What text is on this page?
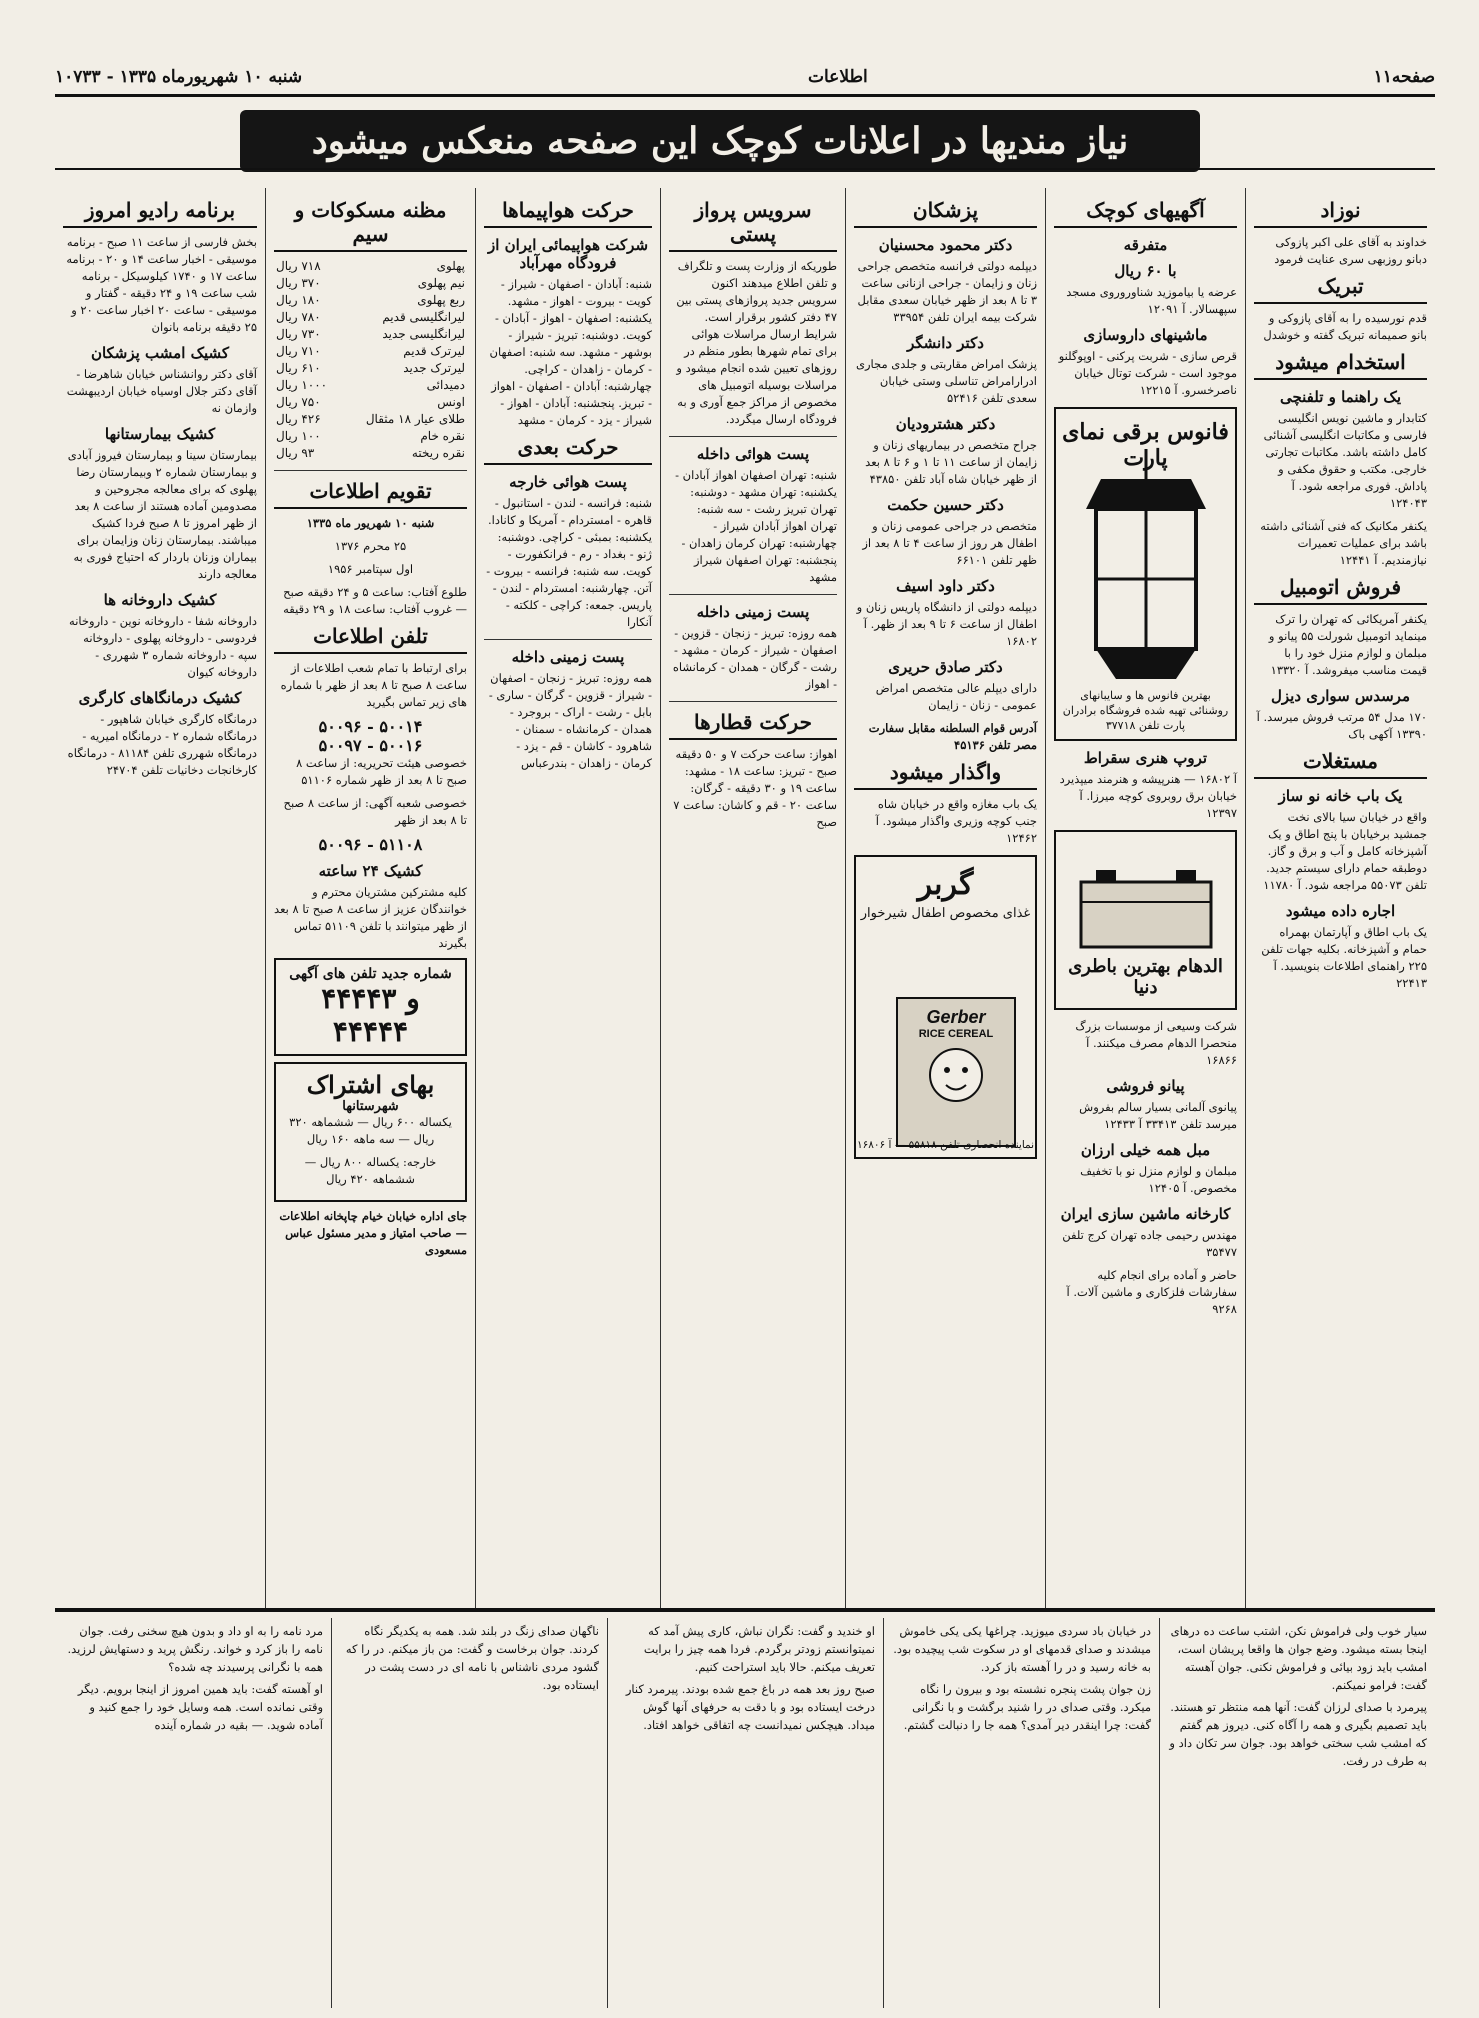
صفحه۱۱
اطلاعات
شنبه ۱۰ شهریورماه ۱۳۳۵ - ۱۰۷۳۳
نیاز مندیها در اعلانات کوچک این صفحه منعکس میشود
نوزاد

خداوند به آقای علی اکبر پازوکی دبانو روزبهی سری عنایت فرمود

تبریک

قدم نورسیده را به آقای پازوکی و بانو صمیمانه تبریک گفته و خوشدل

استخدام میشود
یک راهنما و تلفنچی

کتابدار و ماشین نویس انگلیسی فارسی و مکاتبات انگلیسی آشنائی کامل داشته باشد. مکاتبات تجارتی خارجی. مکتب و حقوق مکفی و پاداش. فوری مراجعه شود. آ ۱۲۴۰۴۳

یکنفر مکانیک که فنی آشنائی داشته باشد برای عملیات تعمیرات نیازمندیم. آ ۱۲۴۴۱

فروش اتومبیل

یکنفر آمریکائی که تهران را ترک مینماید اتومبیل شورلت ۵۵ پیانو و مبلمان و لوازم منزل خود را با قیمت مناسب میفروشد. آ ۱۳۳۲۰

مرسدس سواری دیزل

۱۷۰ مدل ۵۴ مرتب فروش میرسد. آ ۱۳۳۹۰ آکهی باک

مستغلات
یک باب خانه نو ساز

واقع در خیابان سیا بالای نخت جمشید برخیابان با پنج اطاق و یک آشپزخانه کامل و آب و برق و گاز. دوطبقه حمام دارای سیستم جدید. تلفن ۵۵۰۷۳ مراجعه شود. آ ۱۱۷۸۰

اجاره داده میشود

یک باب اطاق و آپارتمان بهمراه حمام و آشپزخانه. بکلیه جهات تلفن ۲۲۵ راهنمای اطلاعات بنویسید. آ ۲۲۴۱۳

آگهیهای کوچک
متفرقه
با ۶۰ ریال

عرضه یا بیاموزید شناوروروی مسجد سپهسالار. آ ۱۲۰۹۱

ماشینهای داروسازی

قرص سازی - شربت پرکنی - اوپوگلنو موجود است - شرکت توتال خیابان ناصرخسرو. آ ۱۲۲۱۵

فانوس برقی نمای پارت
بهترین فانوس ها و سایبانهای روشنائی تهیه شده فروشگاه برادران پارت تلفن ۳۷۷۱۸
تروپ هنری سقراط

آ ۱۶۸۰۲ — هنرپیشه و هنرمند میپذیرد خیابان برق روبروی کوچه میرزا. آ ۱۲۳۹۷

الدهام بهترین باطری دنیا

شرکت وسیعی از موسسات بزرگ منحصرا الدهام مصرف میکنند. آ ۱۶۸۶۶

پیانو فروشی

پیانوی آلمانی بسیار سالم بفروش میرسد تلفن ۳۳۴۱۳ آ ۱۲۴۳۳

مبل همه خیلی ارزان

مبلمان و لوازم منزل نو با تخفیف مخصوص. آ ۱۲۴۰۵

کارخانه ماشین سازی ایران

مهندس رحیمی جاده تهران کرج تلفن ۳۵۴۷۷

حاضر و آماده برای انجام کلیه سفارشات فلزکاری و ماشین آلات. آ ۹۲۶۸

پزشکان
دکتر محمود محسنیان

دیپلمه دولتی فرانسه متخصص جراحی زنان و زایمان - جراحی ازنانی ساعت ۳ تا ۸ بعد از ظهر خیابان سعدی مقابل شرکت بیمه ایران تلفن ۳۳۹۵۴

دکتر دانشگر

پزشک امراض مقاربتی و جلدی مجارى ادرارامراض تناسلى وستى خیابان سعدى تلفن ۵۲۴۱۶

دکتر هشترودیان

جراح متخصص در بیماریهای زنان و زایمان از ساعت ۱۱ تا ۱ و ۶ تا ۸ بعد از ظهر خیابان شاه آباد تلفن ۴۳۸۵۰

دکتر حسین حکمت

متخصص در جراحی عمومی زنان و اطفال هر روز از ساعت ۴ تا ۸ بعد از ظهر تلفن ۶۶۱۰۱

دکتر داود اسیف

دیپلمه دولتی از دانشگاه پاریس زنان و اطفال از ساعت ۶ تا ۹ بعد از ظهر. آ ۱۶۸۰۲

دکتر صادق حریری

دارای دیپلم عالی متخصص امراض عمومی - زنان - زایمان

آدرس قوام السلطنه مقابل سفارت مصر تلفن ۴۵۱۳۶

واگذار میشود

یک باب مغازه واقع در خیابان شاه جنب کوچه وزیری واگذار میشود. آ ۱۲۴۶۲

گربر
غذای مخصوص اطفال شیرخوار
Gerber
RICE CEREAL
نماینده انحصاری تلفن ۵۵۸۱۸ — آ ۱۶۸۰۶
سرویس پرواز پستی

طوریکه از وزارت پست و تلگراف و تلفن اطلاع میدهند اکنون سرویس جدید پروازهای پستی بین ۴۷ دفتر کشور برقرار است. شرایط ارسال مراسلات هوائی برای تمام شهرها بطور منظم در روزهای تعیین شده انجام میشود و مراسلات بوسیله اتومبیل های مخصوص از مراکز جمع آوری و به فرودگاه ارسال میگردد.

پست هوائی داخله

شنبه: تهران اصفهان اهواز آبادان - یکشنبه: تهران مشهد - دوشنبه: تهران تبریز رشت - سه شنبه: تهران اهواز آبادان شیراز - چهارشنبه: تهران کرمان زاهدان - پنجشنبه: تهران اصفهان شیراز مشهد

پست زمینی داخله

همه روزه: تبریز - زنجان - قزوین - اصفهان - شیراز - کرمان - مشهد - رشت - گرگان - همدان - کرمانشاه - اهواز

حرکت قطارها

اهواز: ساعت حرکت ۷ و ۵۰ دقیقه صبح - تبریز: ساعت ۱۸ - مشهد: ساعت ۱۹ و ۳۰ دقیقه - گرگان: ساعت ۲۰ - قم و کاشان: ساعت ۷ صبح

حرکت هواپیماها
شرکت هواپیمائی ایران از فرودگاه مهرآباد

شنبه: آبادان - اصفهان - شیراز - کویت - بیروت - اهواز - مشهد. یکشنبه: اصفهان - اهواز - آبادان - کویت. دوشنبه: تبریز - شیراز - بوشهر - مشهد. سه شنبه: اصفهان - کرمان - زاهدان - کراچی. چهارشنبه: آبادان - اصفهان - اهواز - تبریز. پنجشنبه: آبادان - اهواز - شیراز - یزد - کرمان - مشهد

حرکت بعدی
پست هوائی خارجه

شنبه: فرانسه - لندن - استانبول - قاهره - امستردام - آمریکا و کانادا. یکشنبه: بمبئی - کراچی. دوشنبه: ژنو - بغداد - رم - فرانکفورت - کویت. سه شنبه: فرانسه - بیروت - آتن. چهارشنبه: امستردام - لندن - پاریس. جمعه: کراچی - کلکته - آنکارا

پست زمینی داخله

همه روزه: تبریز - زنجان - اصفهان - شیراز - قزوین - گرگان - ساری - بابل - رشت - اراک - بروجرد - همدان - کرمانشاه - سمنان - شاهرود - کاشان - قم - یزد - کرمان - زاهدان - بندرعباس

مظنه مسکوکات و سیم
پهلوی	۷۱۸ ریال
نیم پهلوی	۳۷۰ ریال
ربع پهلوی	۱۸۰ ریال
لیرانگلیسی قدیم	۷۸۰ ریال
لیرانگلیسی جدید	۷۳۰ ریال
لیرترک قدیم	۷۱۰ ریال
لیرترک جدید	۶۱۰ ریال
دمیدائی	۱۰۰۰ ریال
اونس	۷۵۰ ریال
طلای عیار ۱۸ مثقال	۴۲۶ ریال
نقره خام	۱۰۰ ریال
نقره ریخته	۹۳ ریال
تقویم اطلاعات

شنبه ۱۰ شهریور ماه ۱۳۳۵

۲۵ محرم ۱۳۷۶

اول سپتامبر ۱۹۵۶

طلوع آفتاب: ساعت ۵ و ۲۴ دقیقه صبح — غروب آفتاب: ساعت ۱۸ و ۲۹ دقیقه

تلفن اطلاعات

برای ارتباط با تمام شعب اطلاعات از ساعت ۸ صبح تا ۸ بعد از ظهر با شماره های زیر تماس بگیرید

۵۰۰۹۶ - ۵۰۰۱۴
۵۰۰۹۷ - ۵۰۰۱۶

خصوصی هیئت تحریریه: از ساعت ۸ صبح تا ۸ بعد از ظهر شماره ۵۱۱۰۶

خصوصی شعبه آگهی: از ساعت ۸ صبح تا ۸ بعد از ظهر

۵۰۰۹۶ - ۵۱۱۰۸
کشیک ۲۴ ساعته

کلیه مشترکین مشتریان محترم و خوانندگان عزیز از ساعت ۸ صبح تا ۸ بعد از ظهر میتوانند با تلفن ۵۱۱۰۹ تماس بگیرند

شماره جدید تلفن های آگهی
۴۴۴۴۳ و ۴۴۴۴۴
بهای اشتراک
شهرستانها

یکساله ۶۰۰ ریال — ششماهه ۳۲۰ ریال — سه ماهه ۱۶۰ ریال

خارجه: یکساله ۸۰۰ ریال — ششماهه ۴۲۰ ریال

جای اداره خیابان خیام چاپخانه اطلاعات — صاحب امتیاز و مدیر مسئول عباس مسعودی

برنامه رادیو امروز

بخش فارسی از ساعت ۱۱ صبح - برنامه موسیقی - اخبار ساعت ۱۴ و ۲۰ - برنامه ساعت ۱۷ و ۱۷۴۰ کیلوسیکل - برنامه شب ساعت ۱۹ و ۲۴ دقیقه - گفتار و موسیقی - ساعت ۲۰ اخبار ساعت ۲۰ و ۲۵ دقیقه برنامه بانوان

کشیک امشب پزشکان

آقای دکتر روانشناس خیابان شاهرضا - آقای دکتر جلال اوسیاه خیابان اردیبهشت وازمان نه

کشیک بیمارستانها

بیمارستان سینا و بیمارستان فیروز آبادی و بیمارستان شماره ۲ وبیمارستان رضا پهلوی که برای معالجه مجروحین و مصدومین آماده هستند از ساعت ۸ بعد از ظهر امروز تا ۸ صبح فردا کشیک میباشند. بیمارستان زنان وزایمان برای بیماران وزنان باردار که احتیاج فوری به معالجه دارند

کشیک داروخانه ها

داروخانه شفا - داروخانه نوین - داروخانه فردوسی - داروخانه پهلوی - داروخانه سپه - داروخانه شماره ۳ شهرری - داروخانه کیوان

کشیک درمانگاهای کارگری

درمانگاه کارگری خیابان شاهپور - درمانگاه شماره ۲ - درمانگاه امیریه - درمانگاه شهرری تلفن ۸۱۱۸۴ - درمانگاه کارخانجات دخانیات تلفن ۲۴۷۰۴

سیار خوب ولی فراموش نکن، اشتب ساعت ده درهای اینجا بسته میشود. وضع جوان ها واقعا پریشان است، امشب باید زود بیائی و فراموش نکنی. جوان آهسته گفت: فرامو نمیکنم.

پیرمرد با صدای لرزان گفت: آنها همه منتظر تو هستند. باید تصمیم بگیری و همه را آگاه کنی. دیروز هم گفتم که امشب شب سختی خواهد بود. جوان سر تکان داد و به طرف در رفت.

در خیابان باد سردی میوزید. چراغها یکی یکی خاموش میشدند و صدای قدمهای او در سکوت شب پیچیده بود. به خانه رسید و در را آهسته باز کرد.

زن جوان پشت پنجره نشسته بود و بیرون را نگاه میکرد. وقتی صدای در را شنید برگشت و با نگرانی گفت: چرا اینقدر دیر آمدی؟ همه جا را دنبالت گشتم.

او خندید و گفت: نگران نباش، کاری پیش آمد که نمیتوانستم زودتر برگردم. فردا همه چیز را برایت تعریف میکنم. حالا باید استراحت کنیم.

صبح روز بعد همه در باغ جمع شده بودند. پیرمرد کنار درخت ایستاده بود و با دقت به حرفهای آنها گوش میداد. هیچکس نمیدانست چه اتفاقی خواهد افتاد.

ناگهان صدای زنگ در بلند شد. همه به یکدیگر نگاه کردند. جوان برخاست و گفت: من باز میکنم. در را که گشود مردی ناشناس با نامه ای در دست پشت در ایستاده بود.

مرد نامه را به او داد و بدون هیچ سخنی رفت. جوان نامه را باز کرد و خواند. رنگش پرید و دستهایش لرزید. همه با نگرانی پرسیدند چه شده؟

او آهسته گفت: باید همین امروز از اینجا برویم. دیگر وقتی نمانده است. همه وسایل خود را جمع کنید و آماده شوید. — بقیه در شماره آینده
